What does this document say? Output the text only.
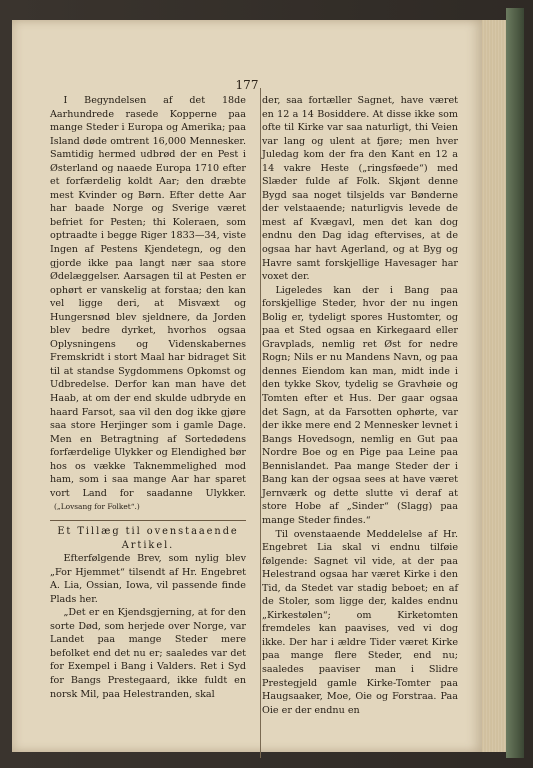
177

I Begyndelsen af det 18de Aarhundrede rasede Kopperne paa mange Steder i Europa og Amerika; paa Island døde omtrent 16,000 Mennesker. Samtidig hermed udbrød der en Pest i Østerland og naaede Europa 1710 efter et forfærdelig koldt Aar; den dræbte mest Kvinder og Børn. Efter dette Aar har baade Norge og Sverige været befriet for Pesten; thi Koleraen, som optraadte i begge Riger 1833—34, viste Ingen af Pestens Kjendetegn, og den gjorde ikke paa langt nær saa store Ødelæggelser. Aarsagen til at Pesten er ophørt er vanskelig at forstaa; den kan vel ligge deri, at Misvæxt og Hungersnød blev sjeldnere, da Jorden blev bedre dyrket, hvorhos ogsaa Oplysningens og Videnskabernes Fremskridt i stort Maal har bidraget Sit til at standse Sygdommens Opkomst og Udbredelse. Derfor kan man have det Haab, at om der end skulde udbryde en haard Farsot, saa vil den dog ikke gjøre saa store Herjinger som i gamle Dage. Men en Betragtning af Sortedødens forfærdelige Ulykker og Elendighed bør hos os vække Taknemmelighed mod ham, som i saa mange Aar har sparet vort Land for saadanne Ulykker.(„Lovsang for Folket“.)

Et Tillæg til ovenstaaende Artikel.

Efterfølgende Brev, som nylig blev „For Hjemmet“ tilsendt af Hr. Engebret A. Lia, Ossian, Iowa, vil passende finde Plads her.

„Det er en Kjendsgjerning, at for den sorte Død, som herjede over Norge, var Landet paa mange Steder mere befolket end det nu er; saaledes var det for Exempel i Bang i Valders. Ret i Syd for Bangs Prestegaard, ikke fuldt en norsk Mil, paa Helestranden, skal

der, saa fortæller Sagnet, have været en 12 a 14 Bosiddere. At disse ikke som ofte til Kirke var saa naturligt, thi Veien var lang og ulent at fjøre; men hver Juledag kom der fra den Kant en 12 a 14 vakre Heste („ringsføede“) med Slæder fulde af Folk. Skjønt denne Bygd saa noget tilsjelds var Bønderne der velstaaende; naturligvis levede de mest af Kvægavl, men det kan dog endnu den Dag idag eftervises, at de ogsaa har havt Agerland, og at Byg og Havre samt forskjellige Havesager har voxet der.

Ligeledes kan der i Bang paa forskjellige Steder, hvor der nu ingen Bolig er, tydeligt spores Hustomter, og paa et Sted ogsaa en Kirkegaard eller Gravplads, nemlig ret Øst for nedre Rogn; Nils er nu Mandens Navn, og paa dennes Eiendom kan man, midt inde i den tykke Skov, tydelig se Gravhøie og Tomten efter et Hus. Der gaar ogsaa det Sagn, at da Farsotten ophørte, var der ikke mere end 2 Mennesker levnet i Bangs Hovedsogn, nemlig en Gut paa Nordre Boe og en Pige paa Leine paa Bennislandet. Paa mange Steder der i Bang kan der ogsaa sees at have været Jernværk og dette slutte vi deraf at store Hobe af „Sinder“ (Slagg) paa mange Steder findes.“

Til ovenstaaende Meddelelse af Hr. Engebret Lia skal vi endnu tilføie følgende: Sagnet vil vide, at der paa Helestrand ogsaa har været Kirke i den Tid, da Stedet var stadig beboet; en af de Stoler, som ligge der, kaldes endnu „Kirkestølen“; om Kirketomten fremdeles kan paavises, ved vi dog ikke. Der har i ældre Tider været Kirke paa mange flere Steder, end nu; saaledes paaviser man i Slidre Prestegjeld gamle Kirke-Tomter paa Haugsaaker, Moe, Oie og Forstraa. Paa Oie er der endnu en
